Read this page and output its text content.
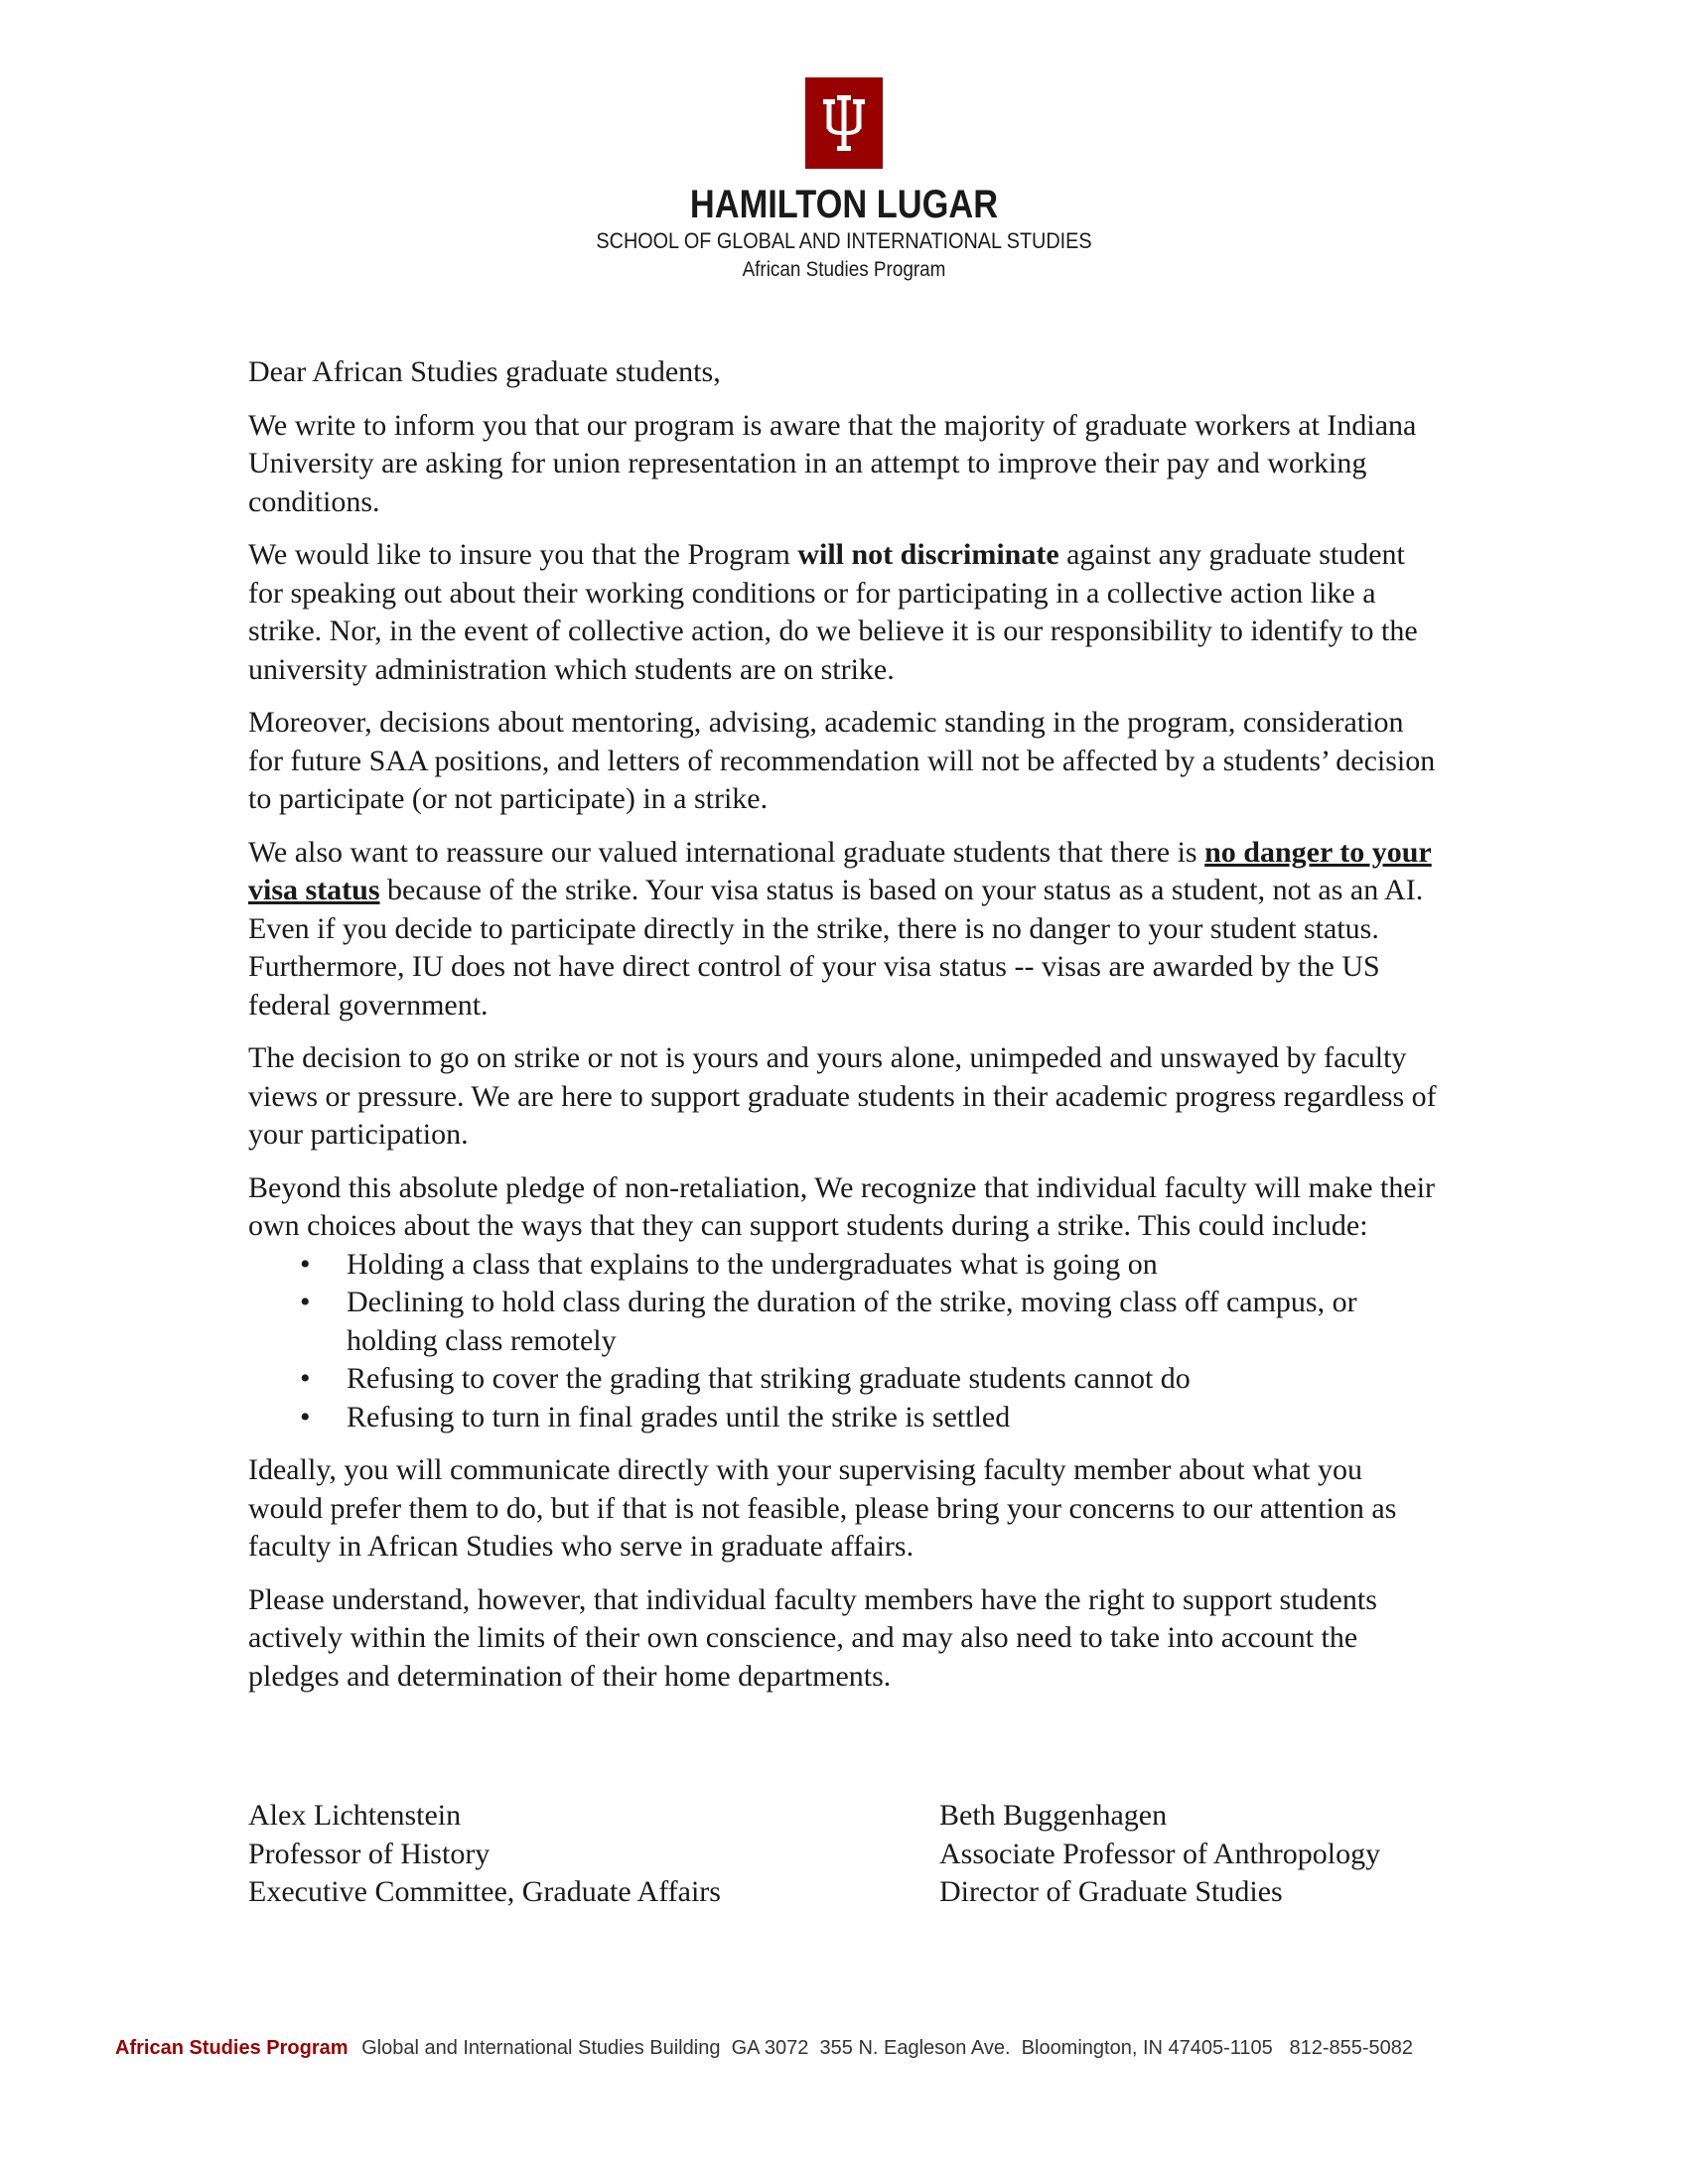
HAMILTON LUGAR
SCHOOL OF GLOBAL AND INTERNATIONAL STUDIES
African Studies Program

Dear African Studies graduate students,

We write to inform you that our program is aware that the majority of graduate workers at Indiana University are asking for union representation in an attempt to improve their pay and working conditions.

We would like to insure you that the Program will not discriminate against any graduate student for speaking out about their working conditions or for participating in a collective action like a strike. Nor, in the event of collective action, do we believe it is our responsibility to identify to the university administration which students are on strike.

Moreover, decisions about mentoring, advising, academic standing in the program, consideration for future SAA positions, and letters of recommendation will not be affected by a students’ decision to participate (or not participate) in a strike.

We also want to reassure our valued international graduate students that there is no danger to your visa status because of the strike. Your visa status is based on your status as a student, not as an AI. Even if you decide to participate directly in the strike, there is no danger to your student status. Furthermore, IU does not have direct control of your visa status -- visas are awarded by the US federal government.

The decision to go on strike or not is yours and yours alone, unimpeded and unswayed by faculty views or pressure. We are here to support graduate students in their academic progress regardless of your participation.

Beyond this absolute pledge of non-retaliation, We recognize that individual faculty will make their own choices about the ways that they can support students during a strike. This could include:

• Holding a class that explains to the undergraduates what is going on
• Declining to hold class during the duration of the strike, moving class off campus, or holding class remotely
• Refusing to cover the grading that striking graduate students cannot do
• Refusing to turn in final grades until the strike is settled

Ideally, you will communicate directly with your supervising faculty member about what you would prefer them to do, but if that is not feasible, please bring your concerns to our attention as faculty in African Studies who serve in graduate affairs.

Please understand, however, that individual faculty members have the right to support students actively within the limits of their own conscience, and may also need to take into account the pledges and determination of their home departments.

Alex Lichtenstein
Professor of History
Executive Committee, Graduate Affairs
Beth Buggenhagen
Associate Professor of Anthropology
Director of Graduate Studies
African Studies Program Global and International Studies Building GA 3072 355 N. Eagleson Ave. Bloomington, IN 47405-1105 812-855-5082
